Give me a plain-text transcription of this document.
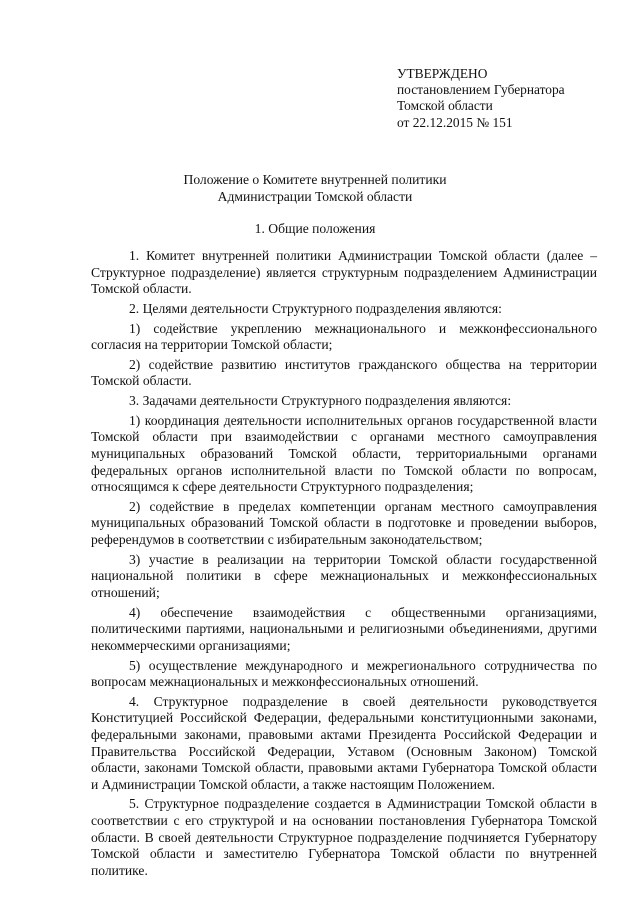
УТВЕРЖДЕНО
постановлением Губернатора
Томской области
от 22.12.2015 № 151
Положение о Комитете внутренней политики
Администрации Томской области
1. Общие положения

1. Комитет внутренней политики Администрации Томской области (далее – Структурное подразделение) является структурным подразделением Администрации Томской области.

2. Целями деятельности Структурного подразделения являются:

1) содействие укреплению межнационального и межконфессионального согласия на территории Томской области;

2) содействие развитию институтов гражданского общества на территории Томской области.

3. Задачами деятельности Структурного подразделения являются:

1) координация деятельности исполнительных органов государственной власти Томской области при взаимодействии с органами местного самоуправления муниципальных образований Томской области, территориальными органами федеральных органов исполнительной власти по Томской области по вопросам, относящимся к сфере деятельности Структурного подразделения;

2) содействие в пределах компетенции органам местного самоуправления муниципальных образований Томской области в подготовке и проведении выборов, референдумов в соответствии с избирательным законодательством;

3) участие в реализации на территории Томской области государственной национальной политики в сфере межнациональных и межконфессиональных отношений;

4) обеспечение взаимодействия с общественными организациями, политическими партиями, национальными и религиозными объединениями, другими некоммерческими организациями;

5) осуществление международного и межрегионального сотрудничества по вопросам межнациональных и межконфессиональных отношений.

4. Структурное подразделение в своей деятельности руководствуется Конституцией Российской Федерации, федеральными конституционными законами, федеральными законами, правовыми актами Президента Российской Федерации и Правительства Российской Федерации, Уставом (Основным Законом) Томской области, законами Томской области, правовыми актами Губернатора Томской области и Администрации Томской области, а также настоящим Положением.

5. Структурное подразделение создается в Администрации Томской области в соответствии с его структурой и на основании постановления Губернатора Томской области. В своей деятельности Структурное подразделение подчиняется Губернатору Томской области и заместителю Губернатора Томской области по внутренней политике.
